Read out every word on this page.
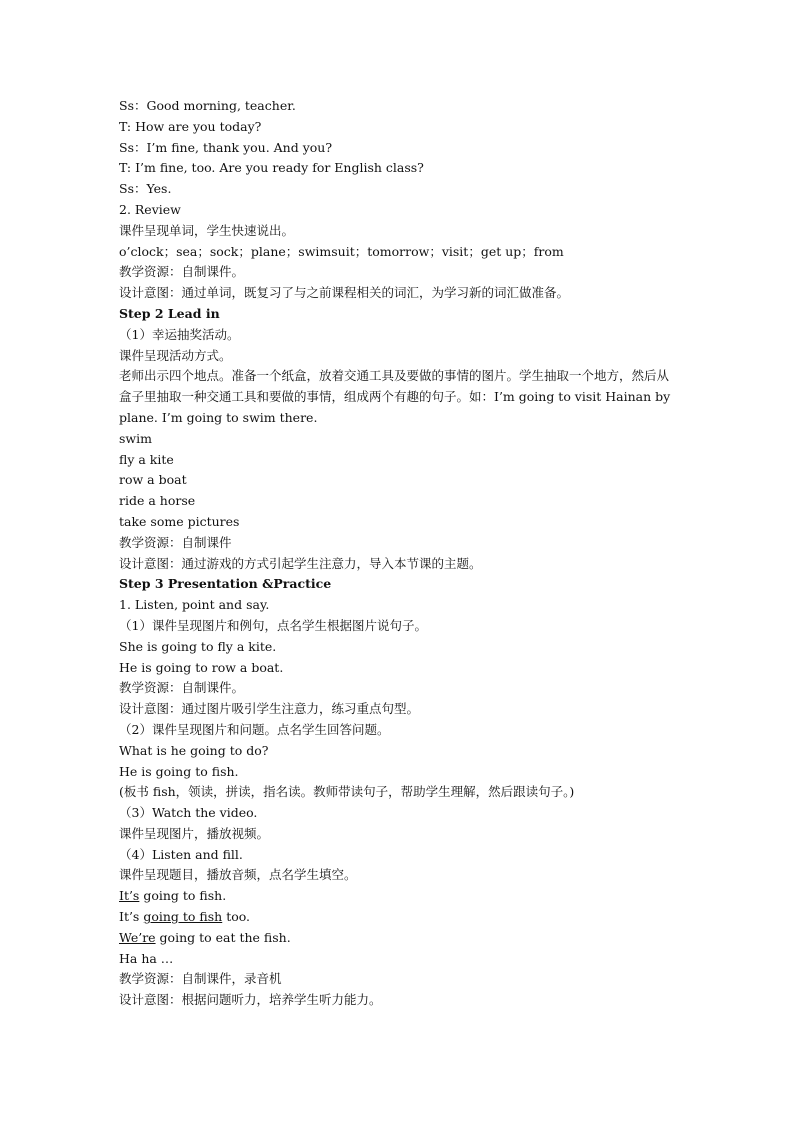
Ss：Good morning, teacher.
T: How are you today?
Ss：I’m fine, thank you. And you?
T: I’m fine, too. Are you ready for English class?
Ss：Yes.
2. Review
课件呈现单词，学生快速说出。
o’clock；sea；sock；plane；swimsuit；tomorrow；visit；get up；from
教学资源：自制课件。
设计意图：通过单词，既复习了与之前课程相关的词汇，为学习新的词汇做准备。
Step 2 Lead in
（1）幸运抽奖活动。
课件呈现活动方式。
老师出示四个地点。准备一个纸盒，放着交通工具及要做的事情的图片。学生抽取一个地方，然后从盒子里抽取一种交通工具和要做的事情，组成两个有趣的句子。如：I’m going to visit Hainan by plane. I’m going to swim there.
swim
fly a kite
row a boat
ride a horse
take some pictures
教学资源：自制课件
设计意图：通过游戏的方式引起学生注意力，导入本节课的主题。
Step 3 Presentation &Practice
1. Listen, point and say.
（1）课件呈现图片和例句，点名学生根据图片说句子。
She is going to fly a kite.
He is going to row a boat.
教学资源：自制课件。
设计意图：通过图片吸引学生注意力，练习重点句型。
（2）课件呈现图片和问题。点名学生回答问题。
What is he going to do?
He is going to fish.
(板书 fish，领读，拼读，指名读。教师带读句子，帮助学生理解，然后跟读句子。)
（3）Watch the video.
课件呈现图片，播放视频。
（4）Listen and fill.
课件呈现题目，播放音频，点名学生填空。
It’s going to fish.
It’s going to fish too.
We’re going to eat the fish.
Ha ha …
教学资源：自制课件，录音机
设计意图：根据问题听力，培养学生听力能力。
